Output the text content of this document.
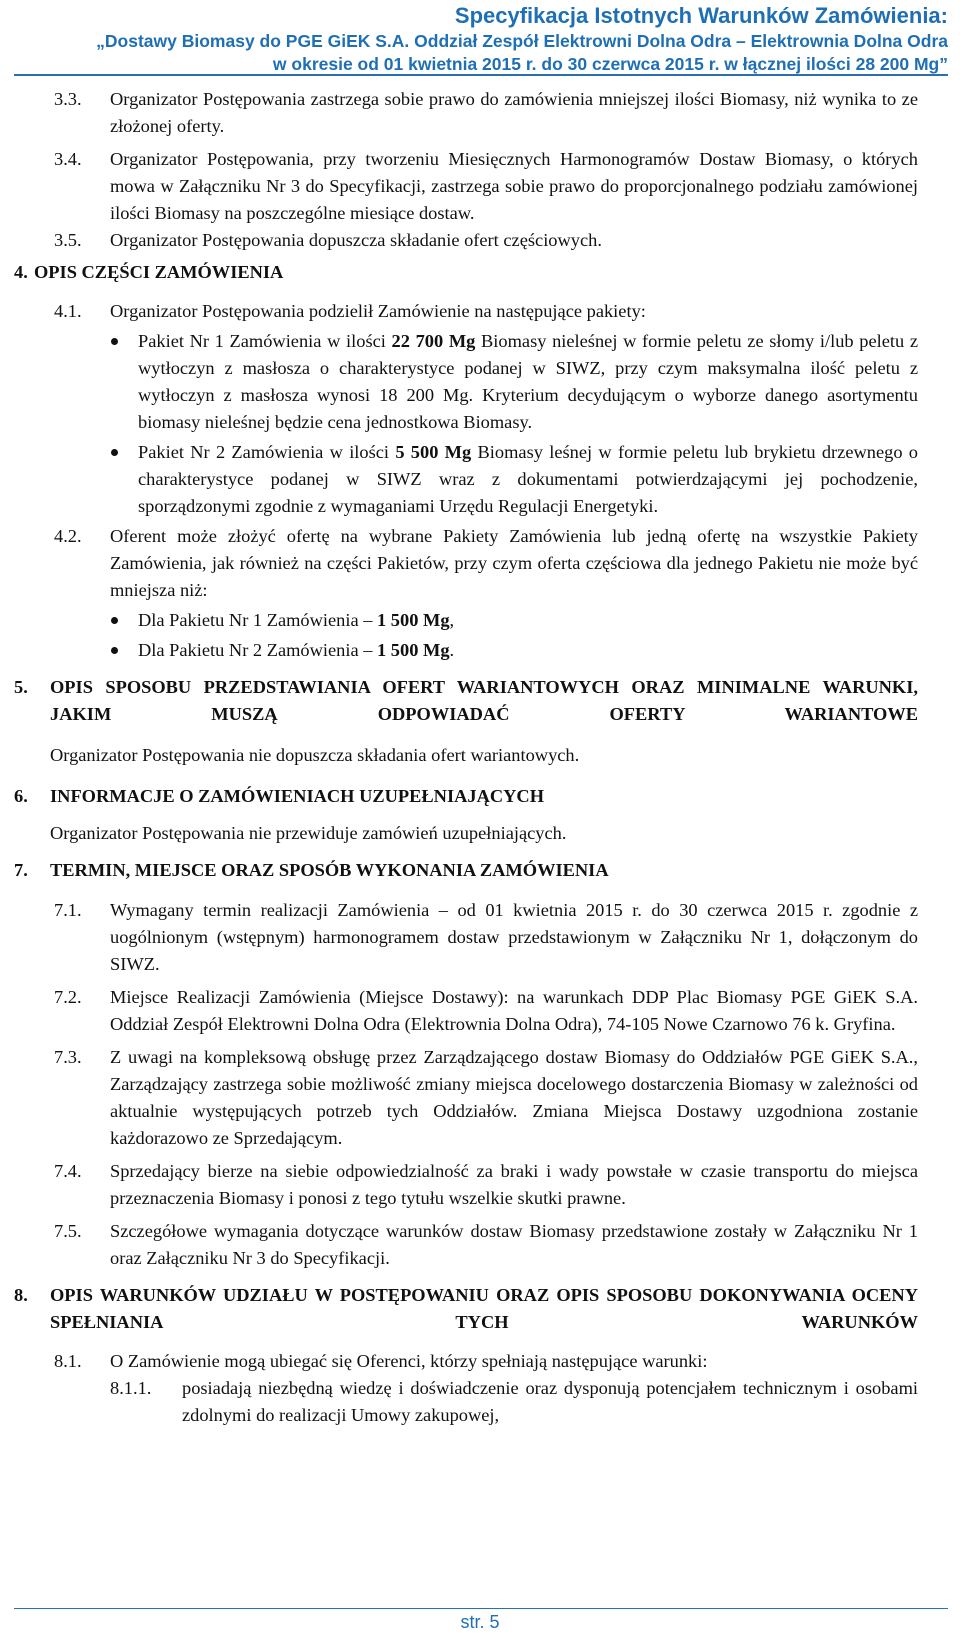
Specyfikacja Istotnych Warunków Zamówienia:
„Dostawy Biomasy do PGE GiEK S.A. Oddział Zespół Elektrowni Dolna Odra – Elektrownia Dolna Odra
w okresie od 01 kwietnia 2015 r. do 30 czerwca 2015 r. w łącznej ilości 28 200 Mg”
3.3. Organizator Postępowania zastrzega sobie prawo do zamówienia mniejszej ilości Biomasy, niż wynika to ze złożonej oferty.
3.4. Organizator Postępowania, przy tworzeniu Miesięcznych Harmonogramów Dostaw Biomasy, o których mowa w Załączniku Nr 3 do Specyfikacji, zastrzega sobie prawo do proporcjonalnego podziału zamówionej ilości Biomasy na poszczególne miesiące dostaw.
3.5. Organizator Postępowania dopuszcza składanie ofert częściowych.
4. OPIS CZĘŚCI ZAMÓWIENIA
4.1. Organizator Postępowania podzielił Zamówienie na następujące pakiety:
Pakiet Nr 1 Zamówienia w ilości 22 700 Mg Biomasy nieleśnej w formie peletu ze słomy i/lub peletu z wytłoczyn z masłosza o charakterystyce podanej w SIWZ, przy czym maksymalna ilość peletu z wytłoczyn z masłosza wynosi 18 200 Mg. Kryterium decydującym o wyborze danego asortymentu biomasy nieleśnej będzie cena jednostkowa Biomasy.
Pakiet Nr 2 Zamówienia w ilości 5 500 Mg Biomasy leśnej w formie peletu lub brykietu drzewnego o charakterystyce podanej w SIWZ wraz z dokumentami potwierdzającymi jej pochodzenie, sporządzonymi zgodnie z wymaganiami Urzędu Regulacji Energetyki.
4.2. Oferent może złożyć ofertę na wybrane Pakiety Zamówienia lub jedną ofertę na wszystkie Pakiety Zamówienia, jak również na części Pakietów, przy czym oferta częściowa dla jednego Pakietu nie może być mniejsza niż:
Dla Pakietu Nr 1 Zamówienia – 1 500 Mg,
Dla Pakietu Nr 2 Zamówienia – 1 500 Mg.
5. OPIS SPOSOBU PRZEDSTAWIANIA OFERT WARIANTOWYCH ORAZ MINIMALNE WARUNKI, JAKIM MUSZĄ ODPOWIADAĆ OFERTY WARIANTOWE
Organizator Postępowania nie dopuszcza składania ofert wariantowych.
6. INFORMACJE O ZAMÓWIENIACH UZUPEŁNIAJĄCYCH
Organizator Postępowania nie przewiduje zamówień uzupełniających.
7. TERMIN, MIEJSCE ORAZ SPOSÓB WYKONANIA ZAMÓWIENIA
7.1. Wymagany termin realizacji Zamówienia – od 01 kwietnia 2015 r. do 30 czerwca 2015 r. zgodnie z uogólnionym (wstępnym) harmonogramem dostaw przedstawionym w Załączniku Nr 1, dołączonym do SIWZ.
7.2. Miejsce Realizacji Zamówienia (Miejsce Dostawy): na warunkach DDP Plac Biomasy PGE GiEK S.A. Oddział Zespół Elektrowni Dolna Odra (Elektrownia Dolna Odra), 74-105 Nowe Czarnowo 76 k. Gryfina.
7.3. Z uwagi na kompleksową obsługę przez Zarządzającego dostaw Biomasy do Oddziałów PGE GiEK S.A., Zarządzający zastrzega sobie możliwość zmiany miejsca docelowego dostarczenia Biomasy w zależności od aktualnie występujących potrzeb tych Oddziałów. Zmiana Miejsca Dostawy uzgodniona zostanie każdorazowo ze Sprzedającym.
7.4. Sprzedający bierze na siebie odpowiedzialność za braki i wady powstałe w czasie transportu do miejsca przeznaczenia Biomasy i ponosi z tego tytułu wszelkie skutki prawne.
7.5. Szczegółowe wymagania dotyczące warunków dostaw Biomasy przedstawione zostały w Załączniku Nr 1 oraz Załączniku Nr 3 do Specyfikacji.
8. OPIS WARUNKÓW UDZIAŁU W POSTĘPOWANIU ORAZ OPIS SPOSOBU DOKONYWANIA OCENY SPEŁNIANIA TYCH WARUNKÓW
8.1. O Zamówienie mogą ubiegać się Oferenci, którzy spełniają następujące warunki:
8.1.1. posiadają niezbędną wiedzę i doświadczenie oraz dysponują potencjałem technicznym i osobami zdolnymi do realizacji Umowy zakupowej,
str. 5
